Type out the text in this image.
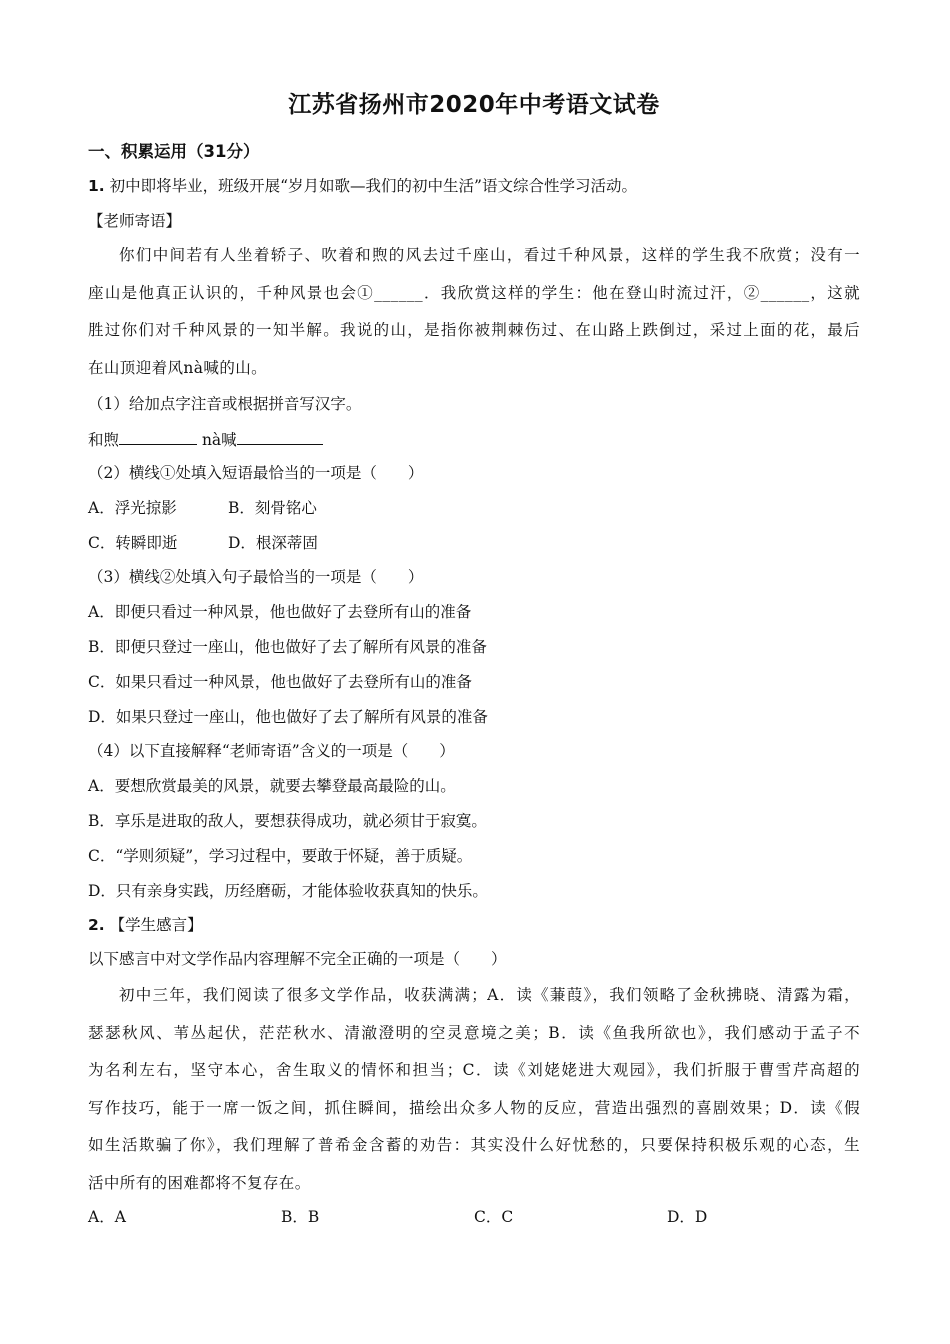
江苏省扬州市2020年中考语文试卷
一、积累运用（31分）
1. 初中即将毕业，班级开展“岁月如歌—我们的初中生活”语文综合性学习活动。
【老师寄语】
你们中间若有人坐着轿子、吹着和煦的风去过千座山，看过千种风景，这样的学生我不欣赏；没有一
座山是他真正认识的，千种风景也会①______．我欣赏这样的学生：他在登山时流过汗，②______，这就
胜过你们对千种风景的一知半解。我说的山，是指你被荆棘伤过、在山路上跌倒过，采过上面的花，最后
在山顶迎着风nà喊的山。
（1）给加点字注音或根据拼音写汉字。
和煦	nà喊
（2）横线①处填入短语最恰当的一项是（　　）
A．浮光掠影	B．刻骨铭心
C．转瞬即逝	D．根深蒂固
（3）横线②处填入句子最恰当的一项是（　　）
A．即便只看过一种风景，他也做好了去登所有山的准备
B．即便只登过一座山，他也做好了去了解所有风景的准备
C．如果只看过一种风景，他也做好了去登所有山的准备
D．如果只登过一座山，他也做好了去了解所有风景的准备
（4）以下直接解释“老师寄语”含义的一项是（　　）
A．要想欣赏最美的风景，就要去攀登最高最险的山。
B．享乐是进取的敌人，要想获得成功，就必须甘于寂寞。
C．“学则须疑”，学习过程中，要敢于怀疑，善于质疑。
D．只有亲身实践，历经磨砺，才能体验收获真知的快乐。
2. 【学生感言】
以下感言中对文学作品内容理解不完全正确的一项是（　　）
初中三年，我们阅读了很多文学作品，收获满满；A．读《蒹葭》，我们领略了金秋拂晓、清露为霜，
瑟瑟秋风、苇丛起伏，茫茫秋水、清澈澄明的空灵意境之美；B．读《鱼我所欲也》，我们感动于孟子不
为名利左右，坚守本心，舍生取义的情怀和担当；C．读《刘姥姥进大观园》，我们折服于曹雪芹高超的
写作技巧，能于一席一饭之间，抓住瞬间，描绘出众多人物的反应，营造出强烈的喜剧效果；D．读《假
如生活欺骗了你》，我们理解了普希金含蓄的劝告：其实没什么好忧愁的，只要保持积极乐观的心态，生
活中所有的困难都将不复存在。
A．A	B．B	C．C	D．D
